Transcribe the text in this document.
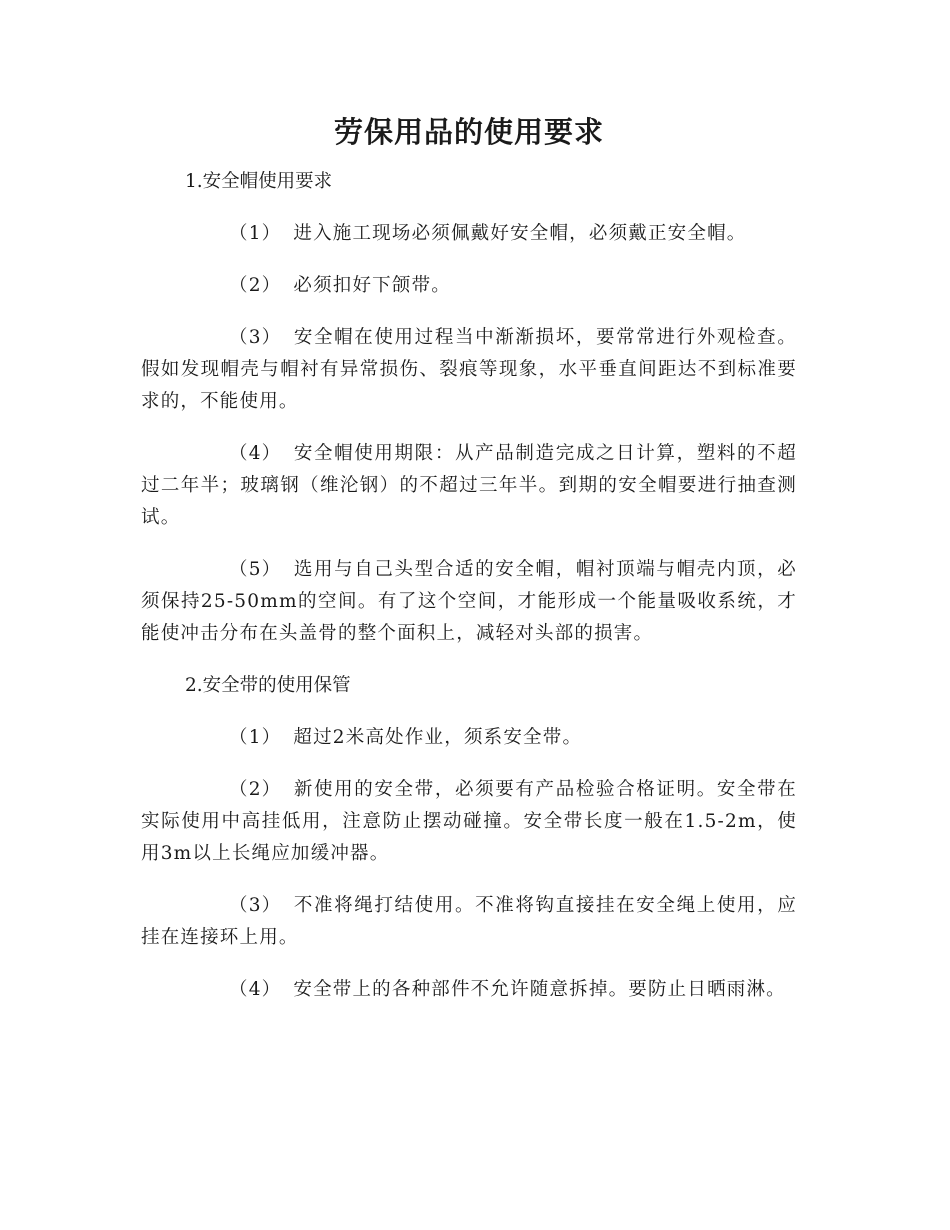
劳保用品的使用要求

1.安全帽使用要求

（1） 进入施工现场必须佩戴好安全帽，必须戴正安全帽。

（2） 必须扣好下颌带。

（3） 安全帽在使用过程当中渐渐损坏，要常常进行外观检查。假如发现帽壳与帽衬有异常损伤、裂痕等现象，水平垂直间距达不到标准要求的，不能使用。

（4） 安全帽使用期限：从产品制造完成之日计算，塑料的不超过二年半；玻璃钢（维沦钢）的不超过三年半。到期的安全帽要进行抽查测试。

（5） 选用与自己头型合适的安全帽，帽衬顶端与帽壳内顶，必须保持25-50mm的空间。有了这个空间，才能形成一个能量吸收系统，才能使冲击分布在头盖骨的整个面积上，减轻对头部的损害。

2.安全带的使用保管

（1） 超过2米高处作业，须系安全带。

（2） 新使用的安全带，必须要有产品检验合格证明。安全带在实际使用中高挂低用，注意防止摆动碰撞。安全带长度一般在1.5-2m，使用3m以上长绳应加缓冲器。

（3） 不准将绳打结使用。不准将钩直接挂在安全绳上使用，应挂在连接环上用。

（4） 安全带上的各种部件不允许随意拆掉。要防止日晒雨淋。
